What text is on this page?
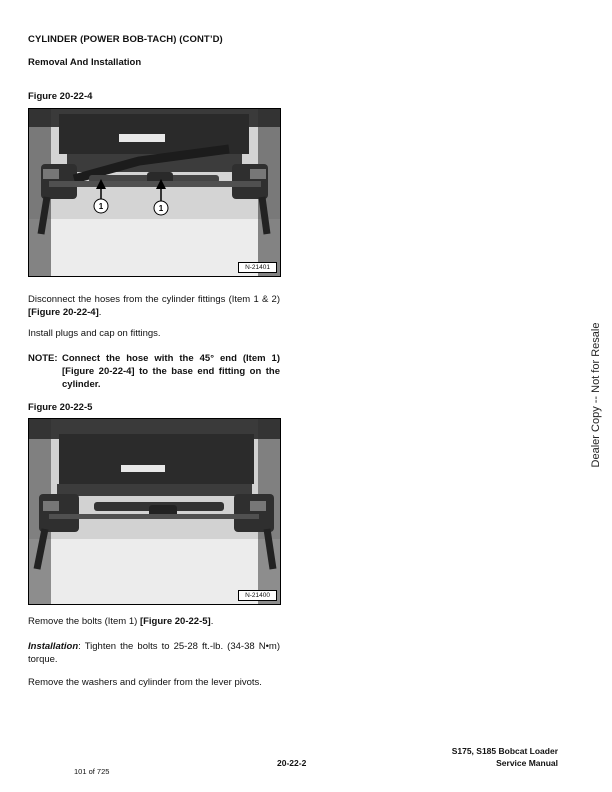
CYLINDER (POWER BOB-TACH) (CONT’D)
Removal And Installation
Figure 20-22-4
1	1
N-21401
Disconnect the hoses from the cylinder fittings (Item 1 & 2) [Figure 20-22-4].
Install plugs and cap on fittings.
NOTE: Connect the hose with the 45° end (Item 1) [Figure 20-22-4] to the base end fitting on the cylinder.
Figure 20-22-5
N-21400
Remove the bolts (Item 1) [Figure 20-22-5].
Installation: Tighten the bolts to 25-28 ft.-lb. (34-38 N•m) torque.
Remove the washers and cylinder from the lever pivots.
Dealer Copy -- Not for Resale
20-22-2
S175, S185 Bobcat Loader
Service Manual
101 of 725
